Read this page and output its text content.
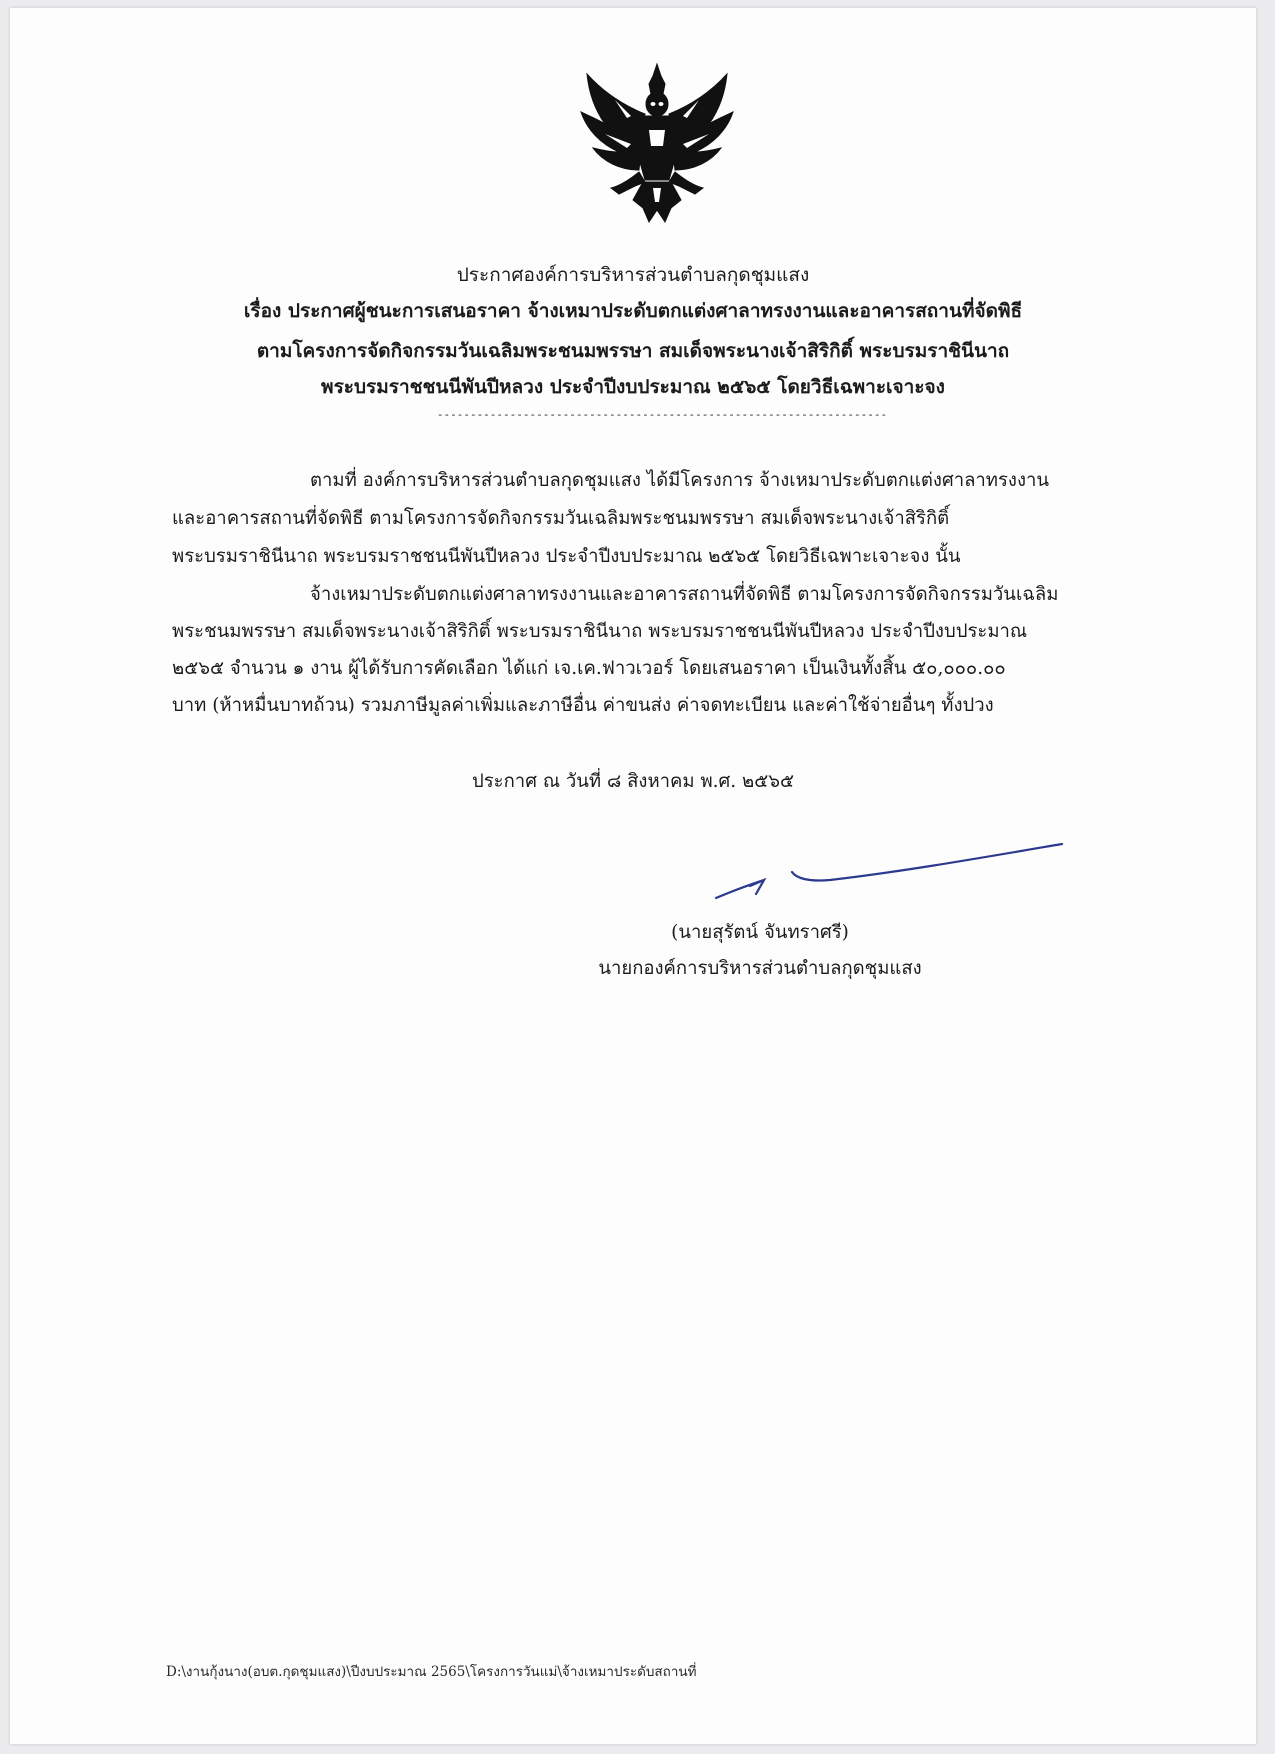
ประกาศองค์การบริหารส่วนตำบลกุดชุมแสง
เรื่อง ประกาศผู้ชนะการเสนอราคา จ้างเหมาประดับตกแต่งศาลาทรงงานและอาคารสถานที่จัดพิธี
ตามโครงการจัดกิจกรรมวันเฉลิมพระชนมพรรษา สมเด็จพระนางเจ้าสิริกิติ์ พระบรมราชินีนาถ
พระบรมราชชนนีพันปีหลวง ประจำปีงบประมาณ ๒๕๖๕ โดยวิธีเฉพาะเจาะจง
--------------------------------------------------------------------
ตามที่ องค์การบริหารส่วนตำบลกุดชุมแสง ได้มีโครงการ จ้างเหมาประดับตกแต่งศาลาทรงงาน
และอาคารสถานที่จัดพิธี ตามโครงการจัดกิจกรรมวันเฉลิมพระชนมพรรษา สมเด็จพระนางเจ้าสิริกิติ์
พระบรมราชินีนาถ พระบรมราชชนนีพันปีหลวง ประจำปีงบประมาณ ๒๕๖๕ โดยวิธีเฉพาะเจาะจง นั้น
จ้างเหมาประดับตกแต่งศาลาทรงงานและอาคารสถานที่จัดพิธี ตามโครงการจัดกิจกรรมวันเฉลิม
พระชนมพรรษา สมเด็จพระนางเจ้าสิริกิติ์ พระบรมราชินีนาถ พระบรมราชชนนีพันปีหลวง ประจำปีงบประมาณ
๒๕๖๕ จำนวน ๑ งาน ผู้ได้รับการคัดเลือก ได้แก่ เจ.เค.ฟาวเวอร์ โดยเสนอราคา เป็นเงินทั้งสิ้น ๕๐,๐๐๐.๐๐
บาท (ห้าหมื่นบาทถ้วน) รวมภาษีมูลค่าเพิ่มและภาษีอื่น ค่าขนส่ง ค่าจดทะเบียน และค่าใช้จ่ายอื่นๆ ทั้งปวง
ประกาศ ณ วันที่ ๘ สิงหาคม พ.ศ. ๒๕๖๕
(นายสุรัตน์ จันทราศรี)
นายกองค์การบริหารส่วนตำบลกุดชุมแสง
D:\งานกุ้งนาง(อบต.กุดชุมแสง)\ปีงบประมาณ 2565\โครงการวันแม่\จ้างเหมาประดับสถานที่
